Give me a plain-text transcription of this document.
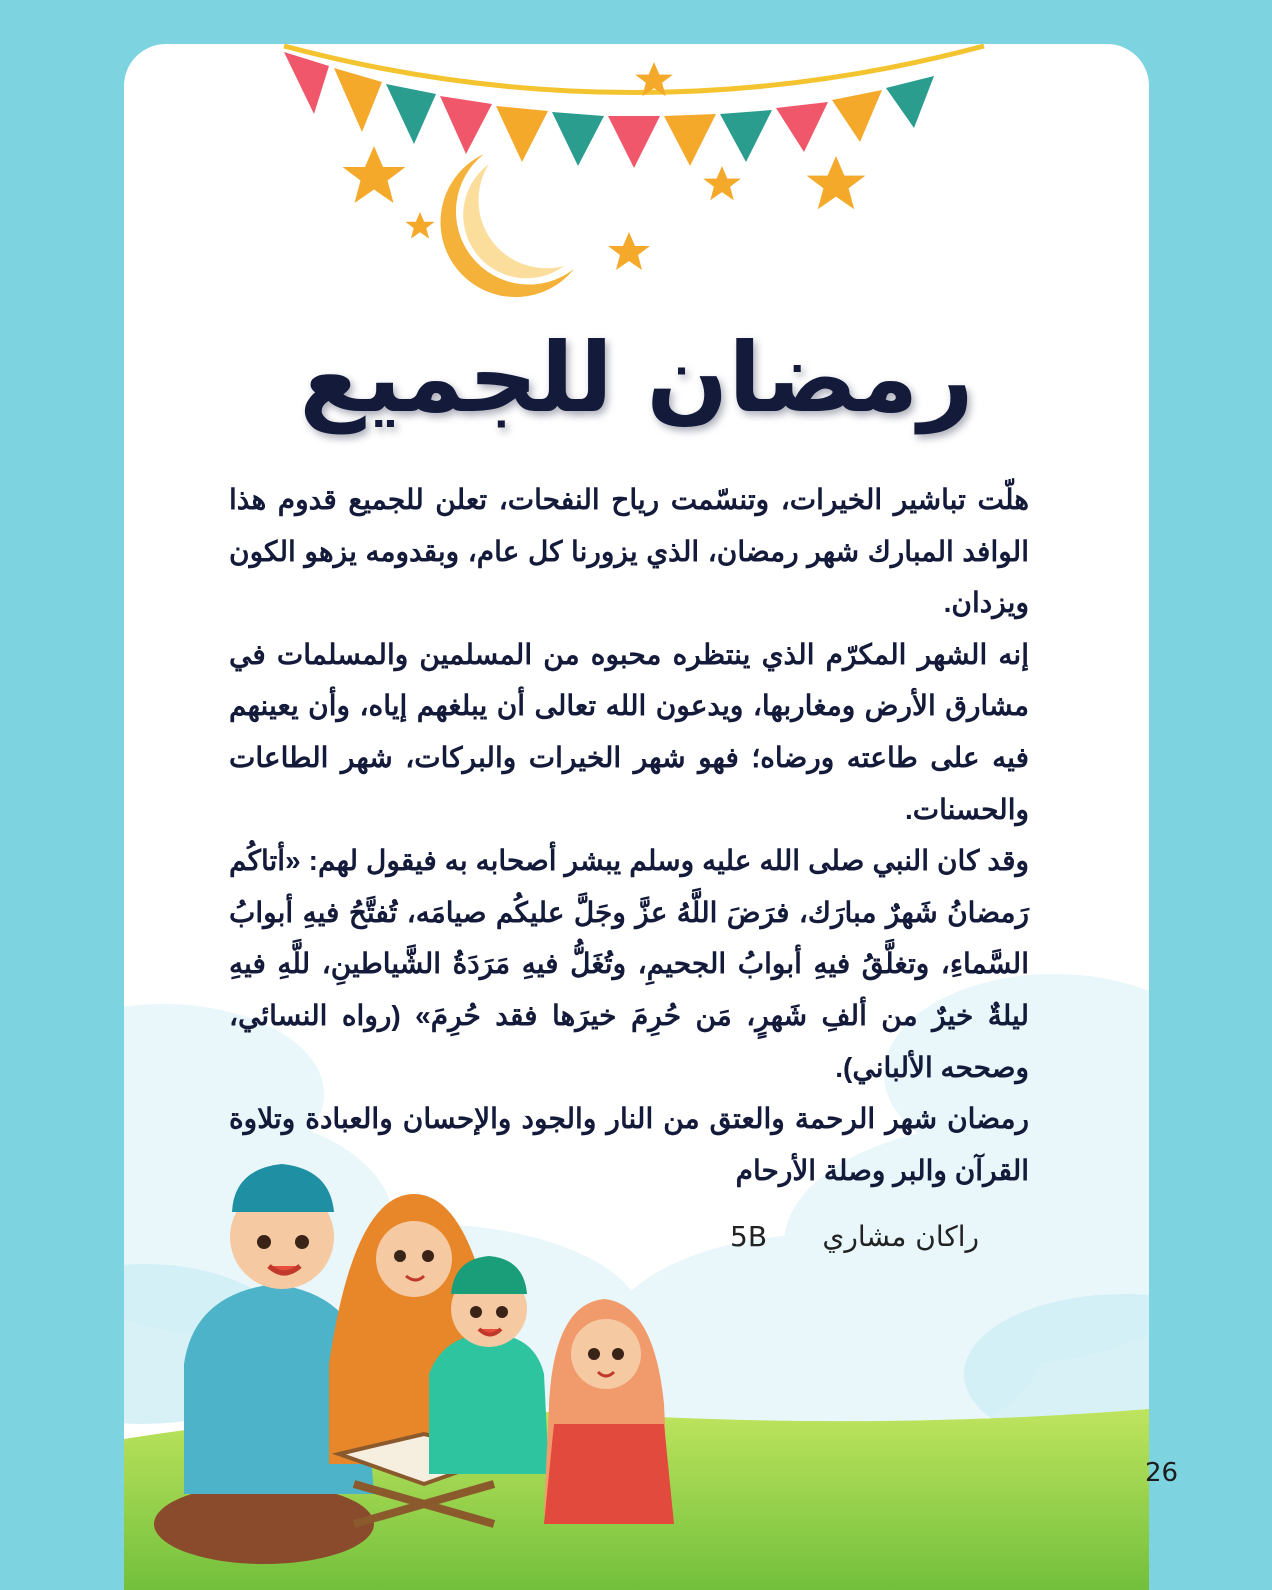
رمضان للجميع

هلّت تباشير الخيرات، وتنسّمت رياح النفحات، تعلن للجميع قدوم هذا الوافد المبارك شهر رمضان، الذي يزورنا كل عام، وبقدومه يزهو الكون ويزدان.

إنه الشهر المكرّم الذي ينتظره محبوه من المسلمين والمسلمات في مشارق الأرض ومغاربها، ويدعون الله تعالى أن يبلغهم إياه، وأن يعينهم فيه على طاعته ورضاه؛ فهو شهر الخيرات والبركات، شهر الطاعات والحسنات.

وقد كان النبي صلى الله عليه وسلم يبشر أصحابه به فيقول لهم: «أتاكُم رَمضانُ شَهرٌ مبارَك، فرَضَ اللَّهُ عزَّ وجَلَّ عليكُم صيامَه، تُفتَّحُ فيهِ أبوابُ السَّماءِ، وتغلَّقُ فيهِ أبوابُ الجحيمِ، وتُغَلُّ فيهِ مَرَدَةُ الشَّياطينِ، للَّهِ فيهِ ليلةٌ خيرٌ من ألفِ شَهرٍ، مَن حُرِمَ خيرَها فقد حُرِمَ» (رواه النسائي، وصححه الألباني).

رمضان شهر الرحمة والعتق من النار والجود والإحسان والعبادة وتلاوة القرآن والبر وصلة الأرحام

راكان مشاري
5B
26
